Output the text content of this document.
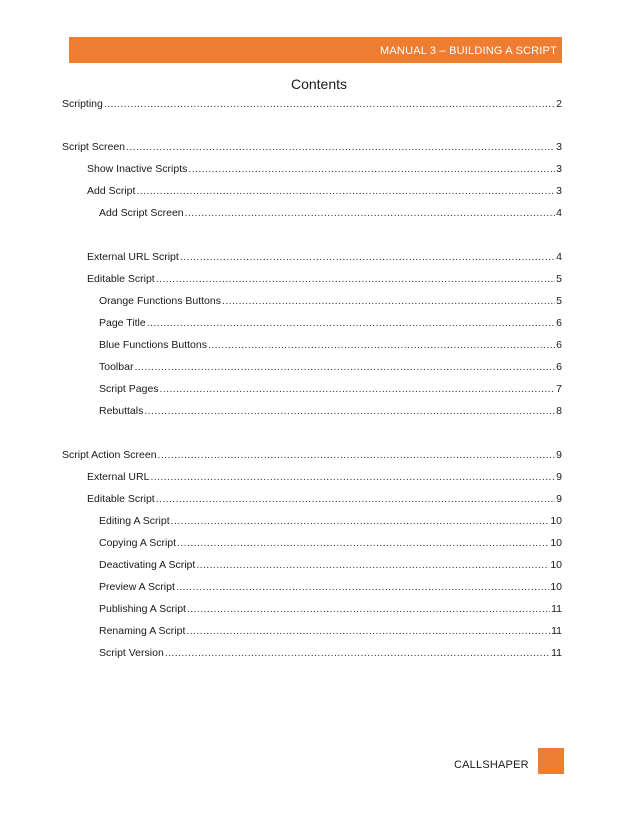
MANUAL 3 – BUILDING A SCRIPT
Contents
Scripting .....	2
Script Screen .....	3
Show Inactive Scripts .....	3
Add Script .....	3
Add Script Screen .....	4
External URL Script .....	4
Editable Script .....	5
Orange Functions Buttons .....	5
Page Title .....	6
Blue Functions Buttons .....	6
Toolbar .....	6
Script Pages .....	7
Rebuttals .....	8
Script Action Screen .....	9
External URL .....	9
Editable Script .....	9
Editing A Script .....	10
Copying A Script .....	10
Deactivating A Script .....	10
Preview A Script .....	10
Publishing A Script .....	11
Renaming A Script .....	11
Script Version .....	11
CALLSHAPER
